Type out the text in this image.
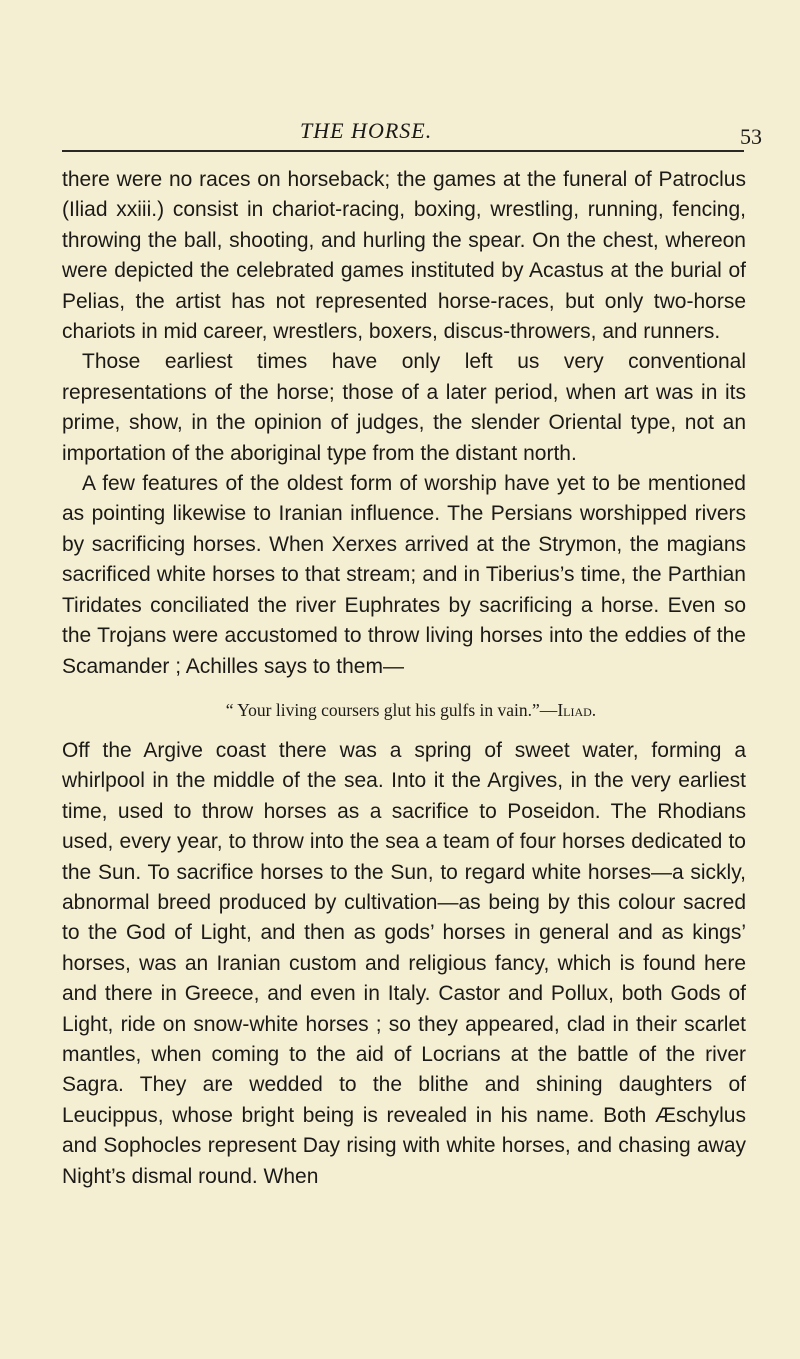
THE HORSE.	53

there were no races on horseback; the games at the funeral of Patroclus (Iliad xxiii.) consist in chariot-racing, boxing, wrestling, running, fencing, throwing the ball, shooting, and hurling the spear. On the chest, whereon were depicted the celebrated games instituted by Acastus at the burial of Pelias, the artist has not represented horse-races, but only two-horse chariots in mid career, wrestlers, boxers, discus-throwers, and runners.

Those earliest times have only left us very conventional representations of the horse; those of a later period, when art was in its prime, show, in the opinion of judges, the slender Oriental type, not an importation of the aboriginal type from the distant north.

A few features of the oldest form of worship have yet to be mentioned as pointing likewise to Iranian influence. The Persians worshipped rivers by sacrificing horses. When Xerxes arrived at the Strymon, the magians sacrificed white horses to that stream; and in Tiberius’s time, the Parthian Tiridates conciliated the river Euphrates by sacrificing a horse. Even so the Trojans were accustomed to throw living horses into the eddies of the Scamander ; Achilles says to them—

“ Your living coursers glut his gulfs in vain.”—Iliad.

Off the Argive coast there was a spring of sweet water, forming a whirlpool in the middle of the sea. Into it the Argives, in the very earliest time, used to throw horses as a sacrifice to Poseidon. The Rhodians used, every year, to throw into the sea a team of four horses dedicated to the Sun. To sacrifice horses to the Sun, to regard white horses—a sickly, abnormal breed produced by cultivation—as being by this colour sacred to the God of Light, and then as gods’ horses in general and as kings’ horses, was an Iranian custom and religious fancy, which is found here and there in Greece, and even in Italy. Castor and Pollux, both Gods of Light, ride on snow-white horses ; so they appeared, clad in their scarlet mantles, when coming to the aid of Locrians at the battle of the river Sagra. They are wedded to the blithe and shining daughters of Leucippus, whose bright being is revealed in his name. Both Æschylus and Sophocles represent Day rising with white horses, and chasing away Night’s dismal round. When
